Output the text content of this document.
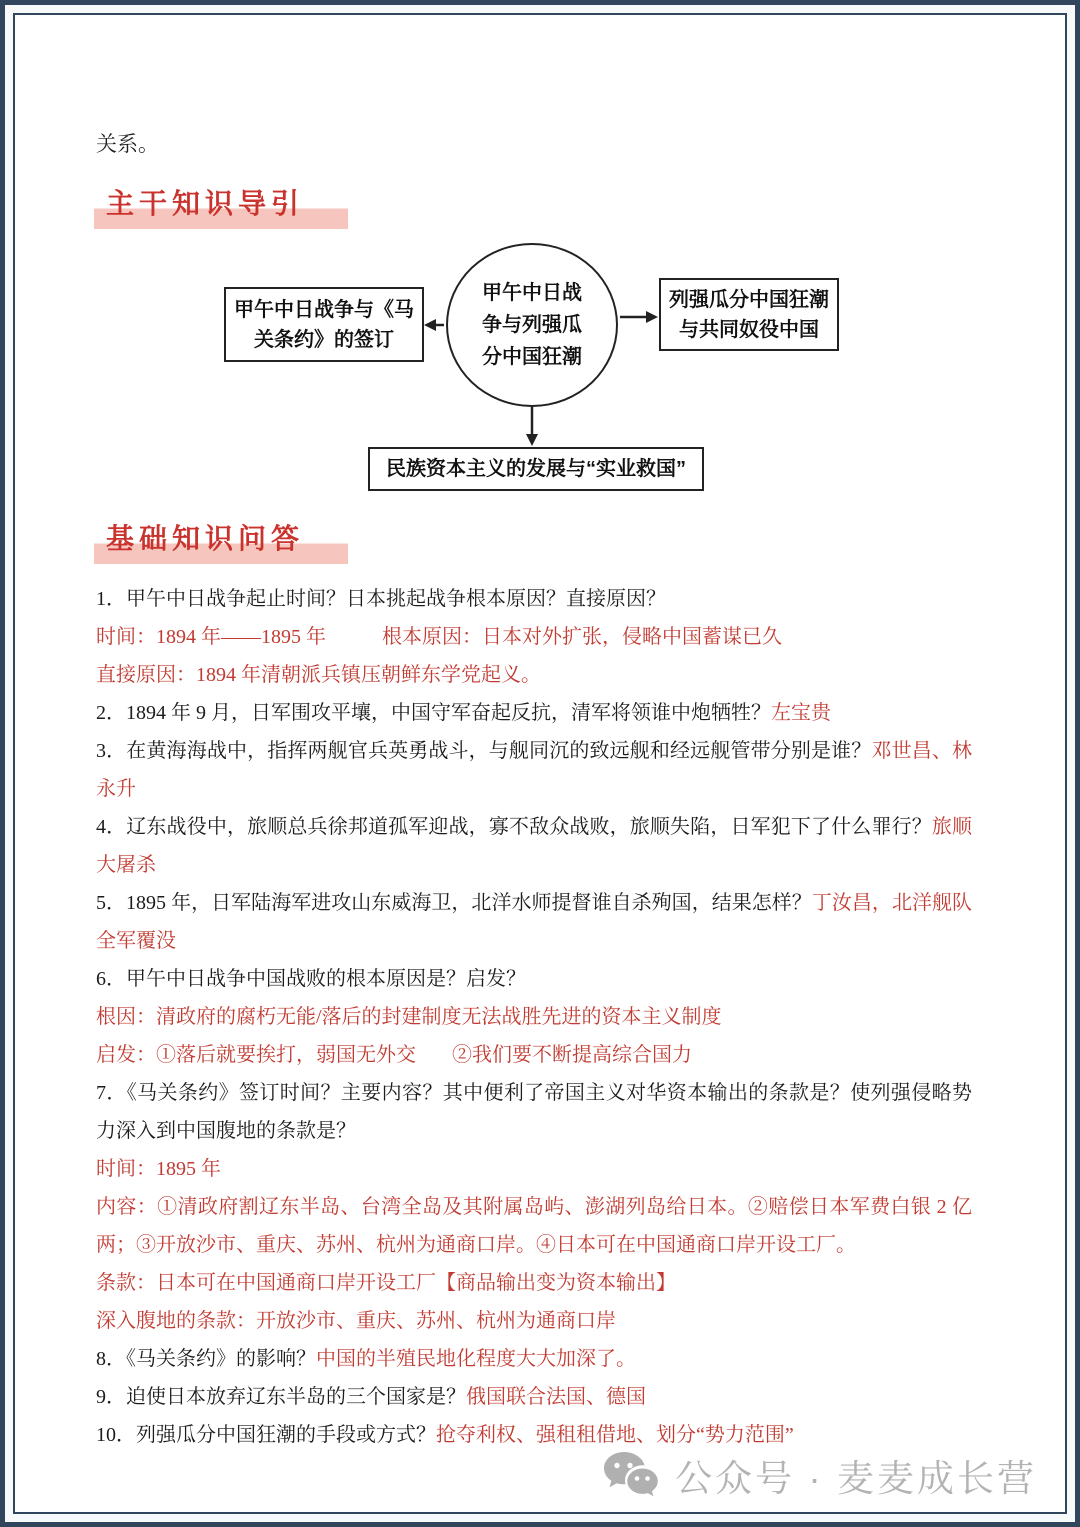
关系。

主干知识导引
甲午中日战争与《马关条约》的签订
甲午中日战争与列强瓜分中国狂潮
列强瓜分中国狂潮与共同奴役中国
民族资本主义的发展与“实业救国”
基础知识问答

1．甲午中日战争起止时间？日本挑起战争根本原因？直接原因？

时间：1894 年——1895 年	根本原因：日本对外扩张，侵略中国蓄谋已久

直接原因：1894 年清朝派兵镇压朝鲜东学党起义。

2．1894 年 9 月，日军围攻平壤，中国守军奋起反抗，清军将领谁中炮牺牲？左宝贵

3．在黄海海战中，指挥两舰官兵英勇战斗，与舰同沉的致远舰和经远舰管带分别是谁？邓世昌、林永升

4．辽东战役中，旅顺总兵徐邦道孤军迎战，寡不敌众战败，旅顺失陷，日军犯下了什么罪行？旅顺大屠杀

5．1895 年，日军陆海军进攻山东威海卫，北洋水师提督谁自杀殉国，结果怎样？丁汝昌，北洋舰队全军覆没

6．甲午中日战争中国战败的根本原因是？启发？

根因：清政府的腐朽无能/落后的封建制度无法战胜先进的资本主义制度

启发：①落后就要挨打，弱国无外交 ②我们要不断提高综合国力

7．《马关条约》签订时间？主要内容？其中便利了帝国主义对华资本输出的条款是？使列强侵略势力深入到中国腹地的条款是？

时间：1895 年

内容：①清政府割辽东半岛、台湾全岛及其附属岛屿、澎湖列岛给日本。②赔偿日本军费白银 2 亿两；③开放沙市、重庆、苏州、杭州为通商口岸。④日本可在中国通商口岸开设工厂。

条款：日本可在中国通商口岸开设工厂【商品输出变为资本输出】

深入腹地的条款：开放沙市、重庆、苏州、杭州为通商口岸

8．《马关条约》的影响？中国的半殖民地化程度大大加深了。

9．迫使日本放弃辽东半岛的三个国家是？俄国联合法国、德国

10．列强瓜分中国狂潮的手段或方式？抢夺利权、强租租借地、划分“势力范围”

公众号 · 麦麦成长营
